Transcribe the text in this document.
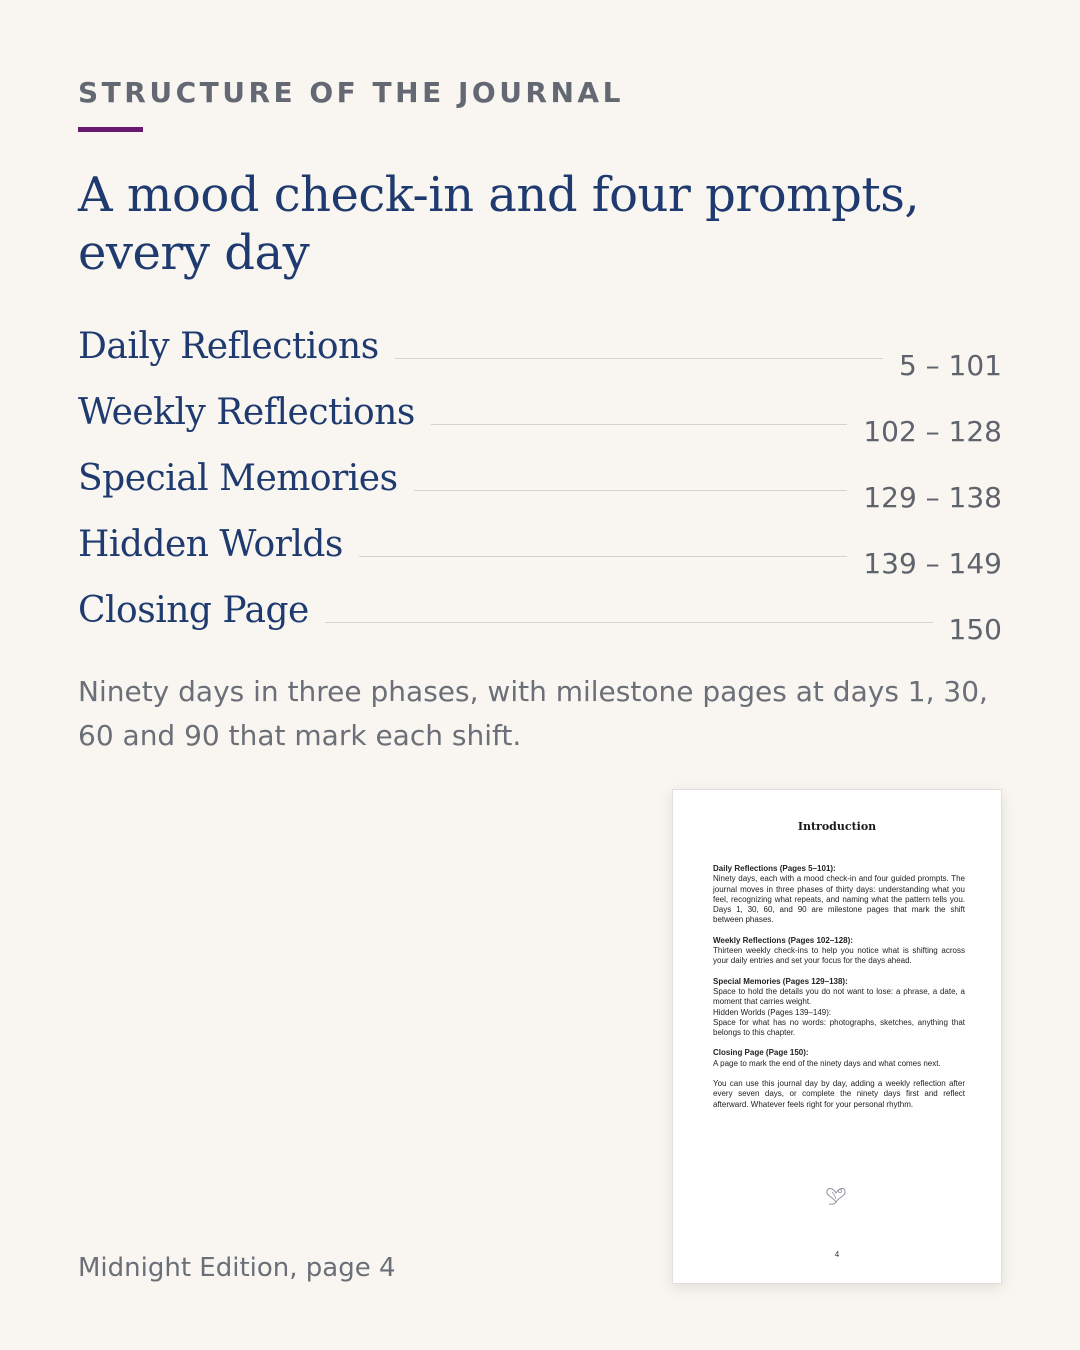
STRUCTURE OF THE JOURNAL
A mood check-in and four prompts, every day
Daily Reflections	5 – 101
Weekly Reflections	102 – 128
Special Memories	129 – 138
Hidden Worlds	139 – 149
Closing Page	150

Ninety days in three phases, with milestone pages at days 1, 30, 60 and 90 that mark each shift.

Midnight Edition, page 4
Introduction
Daily Reflections (Pages 5–101):
Ninety days, each with a mood check-in and four guided prompts. The journal moves in three phases of thirty days: understanding what you feel, recognizing what repeats, and naming what the pattern tells you. Days 1, 30, 60, and 90 are milestone pages that mark the shift between phases.
Weekly Reflections (Pages 102–128):
Thirteen weekly check-ins to help you notice what is shifting across your daily entries and set your focus for the days ahead.
Special Memories (Pages 129–138):
Space to hold the details you do not want to lose: a phrase, a date, a moment that carries weight.
Hidden Worlds (Pages 139–149):
Space for what has no words: photographs, sketches, anything that belongs to this chapter.
Closing Page (Page 150):
A page to mark the end of the ninety days and what comes next.
You can use this journal day by day, adding a weekly reflection after every seven days, or complete the ninety days first and reflect afterward. Whatever feels right for your personal rhythm.
4
